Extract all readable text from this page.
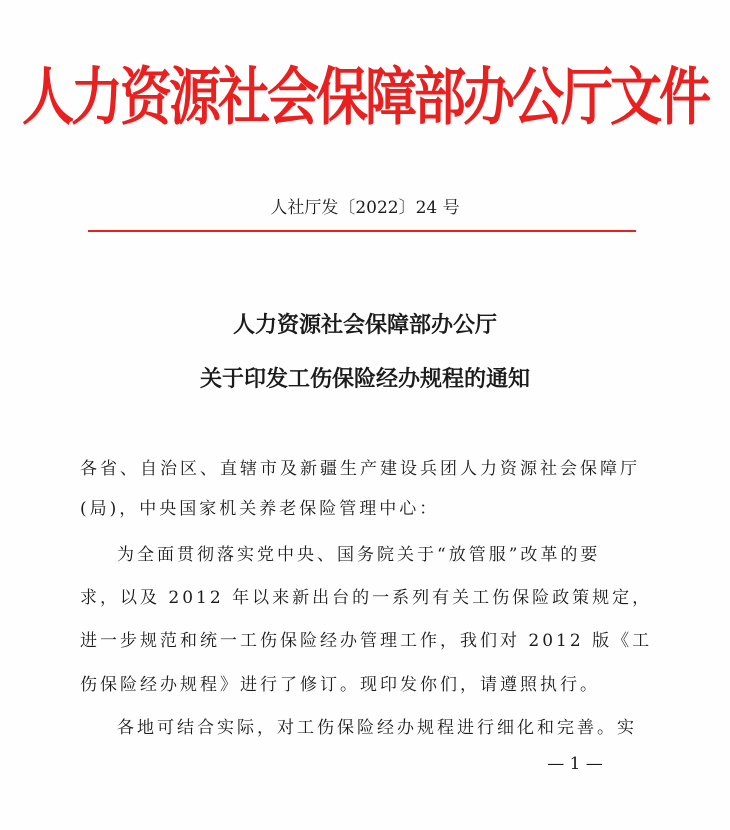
人力资源社会保障部办公厅文件
人社厅发〔2022〕24 号
人力资源社会保障部办公厅
关于印发工伤保险经办规程的通知
各省、自治区、直辖市及新疆生产建设兵团人力资源社会保障厅
(局)，中央国家机关养老保险管理中心：
为全面贯彻落实党中央、国务院关于“放管服”改革的要
求，以及 2012 年以来新出台的一系列有关工伤保险政策规定，
进一步规范和统一工伤保险经办管理工作，我们对 2012 版《工
伤保险经办规程》进行了修订。现印发你们，请遵照执行。
各地可结合实际，对工伤保险经办规程进行细化和完善。实
— 1 —
